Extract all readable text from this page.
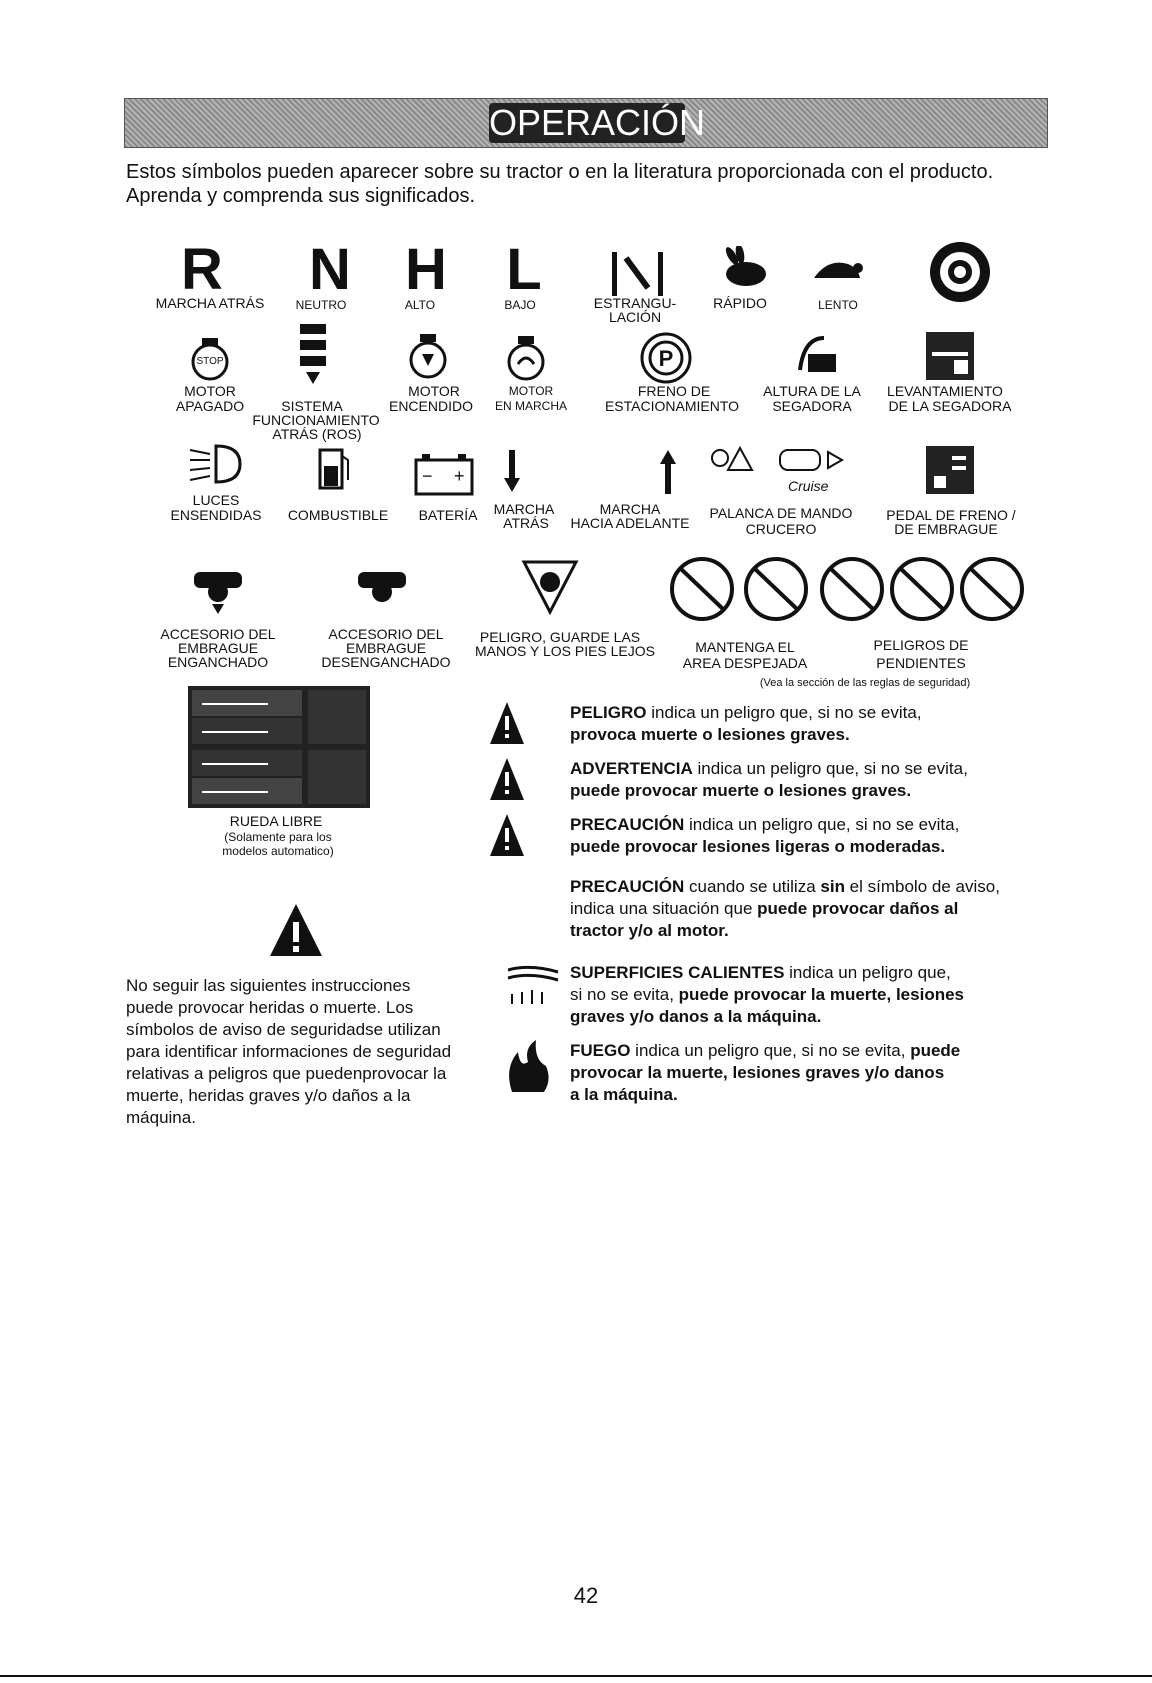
OPERACIÓN
Estos símbolos pueden aparecer sobre su tractor o en la literatura proporcionada con el producto.
Aprenda y comprenda sus significados.
R	N H	L
MARCHA ATRÁS	NEUTRO	ALTO	BAJO	ESTRANGU-
LACIÓN
RÁPIDO	LENTO
STOP	P
MOTOR
APAGADO	SISTEMA
FUNCIONAMIENTO
ATRÁS (ROS)
MOTOR
ENCENDIDO
MOTOR
EN MARCHA
FRENO DE
ESTACIONAMIENTO
ALTURA DE LA
SEGADORA
LEVANTAMIENTO
DE LA SEGADORA
− +	Cruise
LUCES
ENSENDIDAS	COMBUSTIBLE	BATERÍA	MARCHA
ATRÁS
MARCHA
HACIA ADELANTE
PALANCA DE MANDO
CRUCERO
PEDAL DE FRENO /
DE EMBRAGUE
ACCESORIO DEL
EMBRAGUE
ENGANCHADO
ACCESORIO DEL
EMBRAGUE
DESENGANCHADO
PELIGRO, GUARDE LAS
MANOS Y LOS PIES LEJOS	MANTENGA EL
AREA DESPEJADA
PELIGROS DE
PENDIENTES
(Vea la sección de las reglas de seguridad)
RUEDA LIBRE
(Solamente para los
modelos automatico)
PELIGRO indica un peligro que, si no se evita,
provoca muerte o lesiones graves.
ADVERTENCIA indica un peligro que, si no se evita,
puede provocar muerte o lesiones graves.
PRECAUCIÓN indica un peligro que, si no se evita,
puede provocar lesiones ligeras o moderadas.
PRECAUCIÓN cuando se utiliza sin el símbolo de aviso,
indica una situación que puede provocar daños al
tractor y/o al motor.
SUPERFICIES CALIENTES indica un peligro que,
si no se evita, puede provocar la muerte, lesiones
graves y/o danos a la máquina.
FUEGO indica un peligro que, si no se evita, puede
provocar la muerte, lesiones graves y/o danos
a la máquina.
No seguir las siguientes instrucciones
puede provocar heridas o muerte. Los
símbolos de aviso de seguridadse utilizan
para identificar informaciones de seguridad
relativas a peligros que puedenprovocar la
muerte, heridas graves y/o daños a la
máquina.
42
